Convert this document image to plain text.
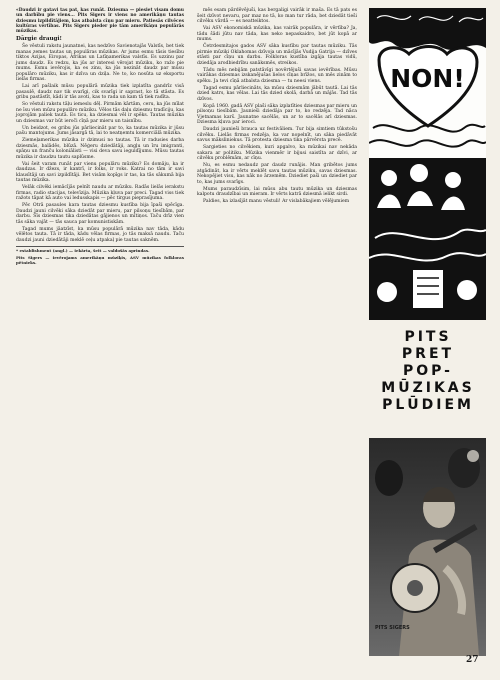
«Daudzi ir gatavi tas pat, kas runāt. Dziesma — piesiet visam domu un darbību pie viens... Pits Sigers ir viens no amerikāņu tautas dziesmu izpildītājiem, kas atbalsta cīņu par mieru. Patiesās cilvēces kultūras vērtības. Pits Sigers pieder pie tām amerikāņu populārās mūzikas.

Dārgie draugi!

Še vēstuli rakstu jaunatnei, kas nedzīvo Savienotajās Valstīs, bet tiek manas zemes tautas un populāras mūzikas. Ar jums esmu tāsis tiesību tiktos Āzijas, Eiropas, Āfrikas un Latīņamerikas valstīs. Es uzzinu par jums daudz. Es redzu, ka jūs ar interesi vērojat mūziku, ko ražo pie mums. Esmu ievērojis, ka es zinu, ka jūs nezināt daudz par mūsu populāro mūziku, kas ir dzīva un dziļa. Ne to, ko nosūta uz eksportu lielās firmas.

Lai arī pašlaik mūsu populārā mūzika tiek izplatīta gandrīz visā pasaulē, daudz nav tik svarīgi, cik svarīgi ir saprast, ko tā stāsta. Es gribu pastāstīt, kādi ir tās avoti, kas to rada un kam tā tiek radīta.

So vēstuli rakstu tāļu iemeslu dēļ. Pirmām kārtām, ceru, ka jūs mīlat ne īsu vien mūzu populāro mūziku. Vēlos tās daļu dziesmu tradīciju, kas joprojām paliek tautā. Es ticu, ka dziesmai vēl ir spēks. Tautas mūzika un dziesmas var būt ieroči cīņā par mieru un taisnību.

Un beidzot, es gribu jūs pārliecināt par to, ka tautas mūzika ir jūsu pašu mantojums. Jums jāsargā tā, lai to neatņemtu komerciālā mūzika.

Ziemeļamerikas mūzika ir dzimusi no tautas. Tā ir radusies darba dziesmās, balādēs, blūzā. Nēģeru dziedātāji, angļu un īru imigranti, spāņu un franču koloniālisti — visi deva savu ieguldījumu. Mūsu tautas mūzika ir daudzu tautu saplūsme.

Vai šeit varam runāt par vienu populāru mūziku? Es domāju, ka ir daudzas. Ir džezs, ir kantrī, ir folks, ir roks. Katrai no tām ir savi klausītāji un savi izpildītāji. Bet visām kopīgs ir tas, ka tās sākumā bija tautas mūzika.

Velāk cilvēki iemācījās pelnīt naudu ar mūziku. Radās lielās ierakstu firmas, radio stacijas, televīzija. Mūzika kļuva par preci. Tagad viss tiek ražots tāpat kā auto vai ledusskapis — pēc tirgus pieprasījuma.

Pēc Otrā pasaules kara tautas dziesmu kustība bija īpaši spēcīga. Daudzi jauni cilvēki sāka dziedāt par mieru, par pilsoņu tiesībām, par darbu. Šīs dziesmas tika dziedātas gājienos un mītiņos. Taču drīz vien tās sāka vajāt — tās sauca par komunistiskām.

Tagad mums jāatzīst, ka mūsu populārā mūzika nav tāda, kādu vēlētos tauta. Tā ir tāda, kādu vēlas firmas, jo tās maksā naudu. Taču daudzi jauni dziedātāji meklē ceļu atpakaļ pie tautas saknēm.

* establishment (angl.) — iekārta, šeit — valdošās aprindas.

Pits Sigers — ievērojams amerikāņu mūziķis, ASV mūzikas folkloras pētnieks.

mēs esam pārdēvējuši, kas bergaligi vairāk ir maša. Es tā pats es šeit dzīvot nevaru, par maz no tā, ko man tur rāda, bet dziedāt tieši cilvēku vārdā — es neatteiktos.

Vai ASV ekonomiskā mūzika, kas vairāk populāra, ir vērtība? Ja, tādu šādi jūtu nav tāda, kas neko nepaskaidro, bet jūt kopā ar mums.

Četrdesmitajos gados ASV sāka kustību par tautas mūziku. Tās pirmie mūziķi Oklahomas dzīvoja un mācījās Vudija Gatrija — dzīves stāsti par cīņu un darbu. Folkloras kustība izgāja tautas vidū, dziedāja arodbiedrību sanāksmēs, streikos.

Tādu mēs nebijām patstāvīgi novērtējuši savas ievērības. Mūsu vairākas dziesmas izskanējušas lielos cīņas brīžos, un mēs zinām to spēku. Ja tevi cīņā atbalsta dziesma — tu neesi viens.

Tagad esmu pārliecināts, ka mūsu dziesmām jābūt tautā. Lai tās dzied katrs, kas vēlas. Lai tās dzied skolā, darbā un mājās. Tad tās dzīvos.

Kopā 1960. gadā ASV plaši sāka izplatīties dziesmas par mieru un pilsoņu tiesībām. Jaunieši dziedāja par to, ko redzēja. Tad nāca Vjetnamas karš. Jaunatne sacēlās, un ar to sacēlās arī dziesmas. Dziesma kļuva par ieroci.

Daudzi jaunieši brauca uz festivāliem. Tur bija simtiem tūkstošu cilvēku. Lielās firmas redzēja, ka var nopelnīt, un sāka piedāvāt savus māksliniekus. Tā protesta dziesma tika pārvērsta precē.

Sargieties no cilvēkiem, kuri apgalvo, ka mūzikai nav nekāda sakara ar politiku. Mūzika vienmēr ir bijusi saistīta ar dzīvi, ar cilvēku problēmām, ar cīņu.

Nu, es esmu nedaudz par daudz runājis. Man gribētos jums atgādināt, ka ir vērts meklēt savu tautas mūziku, savas dziesmas. Nekopējiet visu, kas nāk no ārzemēm. Dziediet paši un dziediet par to, kas jums svarīgs.

Mums paraudzīsim, lai mūsu abu tautu mūzika un dziesmas kalpotu draudzībai un mieram. Ir vērts katrā dziesmā ielikt sirdi.

Paldies, ka izlasījāt manu vēstuli! Ar vislabākajiem vēlējumiem

NON!
PITS
PRET
POP-
MŪZIKAS
PLŪDIEM
PITS SIGERS
27
